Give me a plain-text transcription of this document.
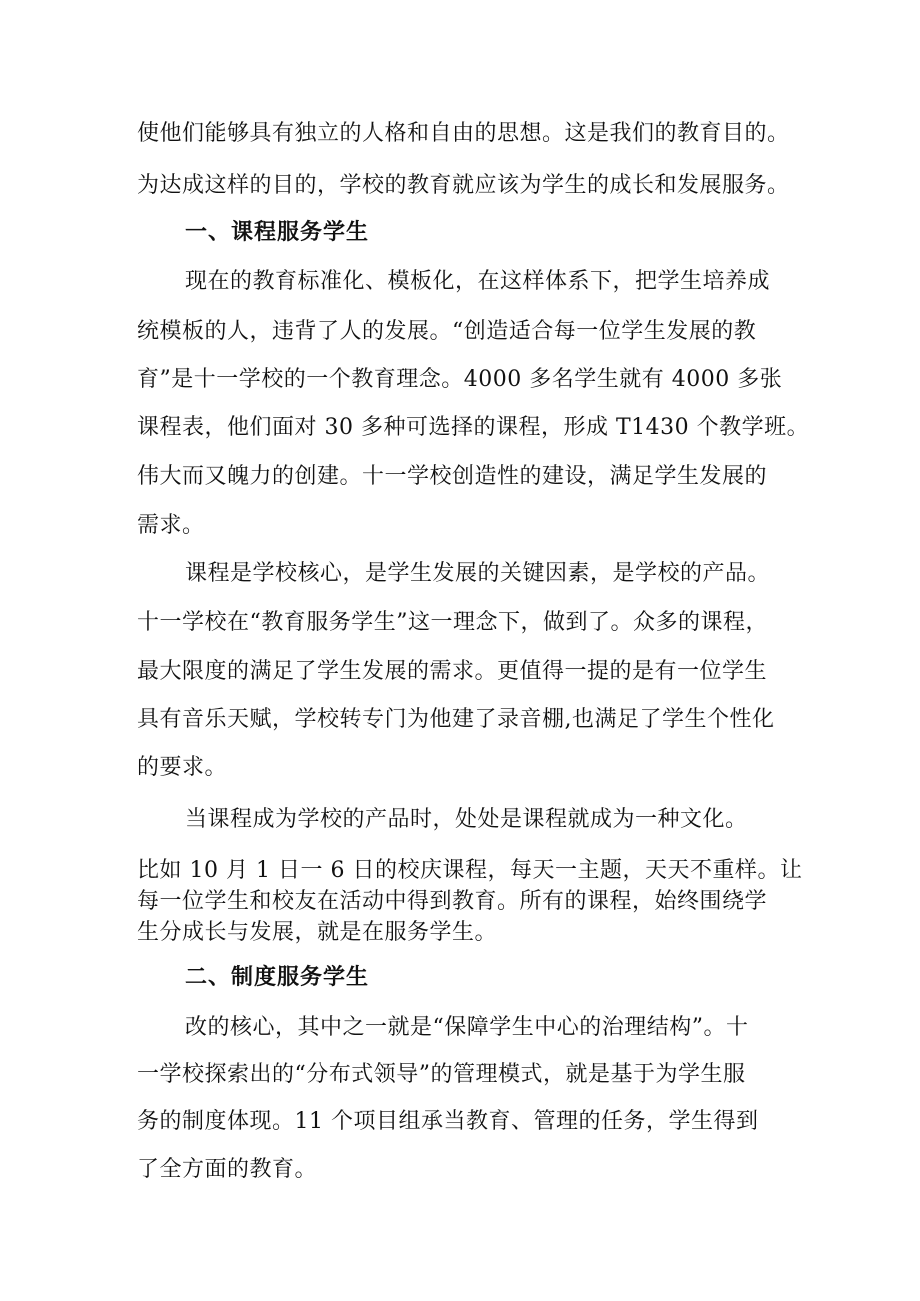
使他们能够具有独立的人格和自由的思想。这是我们的教育目的。
为达成这样的目的，学校的教育就应该为学生的成长和发展服务。
一、课程服务学生
现在的教育标准化、模板化，在这样体系下，把学生培养成
统模板的人，违背了人的发展。“创造适合每一位学生发展的教
育”是十一学校的一个教育理念。4000 多名学生就有 4000 多张
课程表，他们面对 30 多种可选择的课程，形成 T1430 个教学班。
伟大而又魄力的创建。十一学校创造性的建设，满足学生发展的
需求。
课程是学校核心，是学生发展的关键因素，是学校的产品。
十一学校在“教育服务学生”这一理念下，做到了。众多的课程，
最大限度的满足了学生发展的需求。更值得一提的是有一位学生
具有音乐天赋，学校转专门为他建了录音棚,也满足了学生个性化
的要求。
当课程成为学校的产品时，处处是课程就成为一种文化。
比如 10 月 1 日一 6 日的校庆课程，每天一主题，天天不重样。让
每一位学生和校友在活动中得到教育。所有的课程，始终围绕学
生分成长与发展，就是在服务学生。
二、制度服务学生
改的核心，其中之一就是“保障学生中心的治理结构”。十
一学校探索出的“分布式领导”的管理模式，就是基于为学生服
务的制度体现。11 个项目组承当教育、管理的任务，学生得到
了全方面的教育。
